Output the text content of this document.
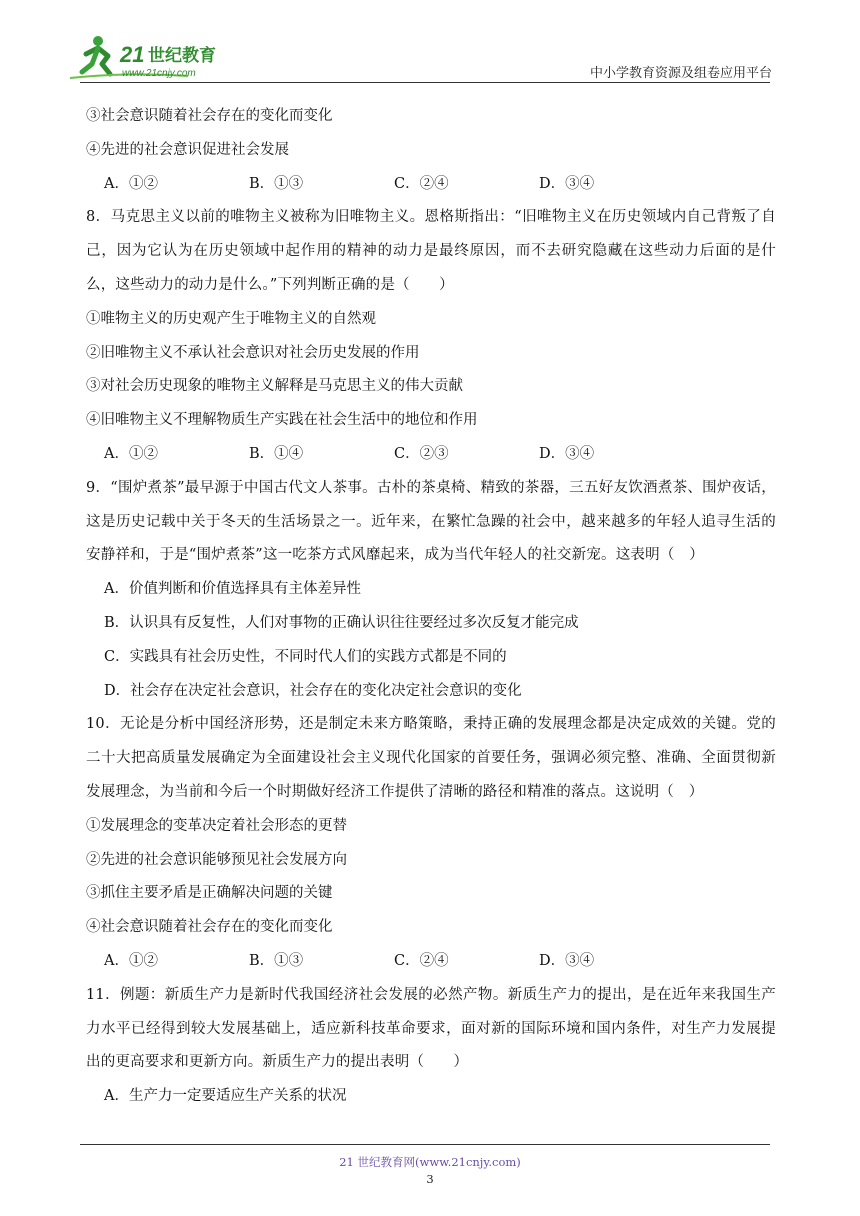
21 世纪教育
www.21cnjy.com	中小学教育资源及组卷应用平台
③社会意识随着社会存在的变化而变化
④先进的社会意识促进社会发展
A．①②	B．①③	C．②④	D．③④
8．马克思主义以前的唯物主义被称为旧唯物主义。恩格斯指出：“旧唯物主义在历史领域内自己背叛了自己，因为它认为在历史领域中起作用的精神的动力是最终原因，而不去研究隐藏在这些动力后面的是什么，这些动力的动力是什么。”下列判断正确的是（　　）
①唯物主义的历史观产生于唯物主义的自然观
②旧唯物主义不承认社会意识对社会历史发展的作用
③对社会历史现象的唯物主义解释是马克思主义的伟大贡献
④旧唯物主义不理解物质生产实践在社会生活中的地位和作用
A．①②	B．①④	C．②③	D．③④
9．“围炉煮茶”最早源于中国古代文人茶事。古朴的茶桌椅、精致的茶器，三五好友饮酒煮茶、围炉夜话，这是历史记载中关于冬天的生活场景之一。近年来，在繁忙急躁的社会中，越来越多的年轻人追寻生活的安静祥和，于是“围炉煮茶”这一吃茶方式风靡起来，成为当代年轻人的社交新宠。这表明（　）
A．价值判断和价值选择具有主体差异性
B．认识具有反复性，人们对事物的正确认识往往要经过多次反复才能完成
C．实践具有社会历史性，不同时代人们的实践方式都是不同的
D．社会存在决定社会意识，社会存在的变化决定社会意识的变化
10．无论是分析中国经济形势，还是制定未来方略策略，秉持正确的发展理念都是决定成效的关键。党的二十大把高质量发展确定为全面建设社会主义现代化国家的首要任务，强调必须完整、准确、全面贯彻新发展理念，为当前和今后一个时期做好经济工作提供了清晰的路径和精准的落点。这说明（　）
①发展理念的变革决定着社会形态的更替
②先进的社会意识能够预见社会发展方向
③抓住主要矛盾是正确解决问题的关键
④社会意识随着社会存在的变化而变化
A．①②	B．①③	C．②④	D．③④
11．例题：新质生产力是新时代我国经济社会发展的必然产物。新质生产力的提出，是在近年来我国生产力水平已经得到较大发展基础上，适应新科技革命要求，面对新的国际环境和国内条件，对生产力发展提出的更高要求和更新方向。新质生产力的提出表明（　　）
A．生产力一定要适应生产关系的状况
21 世纪教育网(www.21cnjy.com)
3
